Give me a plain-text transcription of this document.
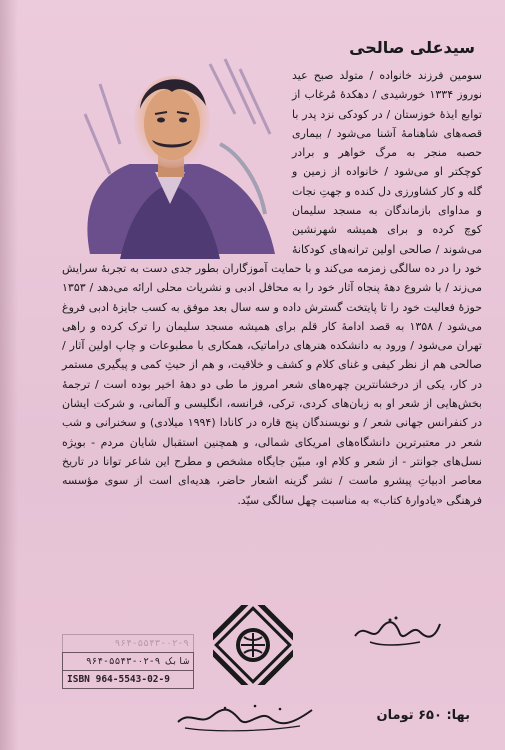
سیدعلی صالحی

سومین فرزند خانواده / متولد صبح عید نوروز ۱۳۳۴ خورشیدی / دهکدهٔ مُرغاب از توابع ایذهٔ خوزستان / در کودکی نزد پدر با قصه‌های شاهنامهٔ آشنا می‌شود / بیماری حصبه منجر به مرگ خواهر و برادر کوچکتر او می‌شود / خانواده از زمین و گله و کار کشاورزی دل کنده و جهتِ نجات و مداوای بازماندگان به مسجد سلیمان کوچ کرده و برای همیشه شهرنشین می‌شوند / صالحی اولین ترانه‌های کودکانهٔ خود را در ده سالگی زمزمه می‌کند و با حمایت آموزگاران بطور جدی دست به تجربهٔ سرایش می‌زند / با شروع دههٔ پنجاه آثار خود را به محافل ادبی و نشریات محلی ارائه می‌دهد / ۱۳۵۳ حوزهٔ فعالیت خود را تا پایتخت گسترش داده و سه سال بعد موفق به کسب جایزهٔ ادبی فروغ می‌شود / ۱۳۵۸ به قصد ادامهٔ کار قلم برای همیشه مسجد سلیمان را ترک کرده و راهی تهران می‌شود / ورود به دانشکده هنرهای دراماتیک، همکاری با مطبوعات و چاپ اولین آثار / صالحی هم از نظر کیفی و غنای کلام و کشف و خلاقیت، و هم از حیثِ کمی و پیگیری مستمر در کار، یکی از درخشانترین چهره‌های شعر امروز ما طی دو دههٔ اخیر بوده است / ترجمهٔ بخش‌هایی از شعر او به زبان‌های کردی، ترکی، فرانسه، انگلیسی و آلمانی، و شرکت ایشان در کنفرانس جهانی شعر / و نویسندگان پنج قاره در کانادا (۱۹۹۴ میلادی) و سخنرانی و شب شعر در معتبرترین دانشگاه‌های امریکای شمالی، و همچنین استقبال شایان مردم - بویژه نسل‌های جوانتر - از شعر و کلام او، مبیّن جایگاه مشخص و مطرح این شاعر توانا در تاریخ معاصر ادبیاتِ پیشرو ماست / نشر گزینه اشعار حاضر، هدیه‌ای است از سوی مؤسسه فرهنگی «یادوارهٔ کتاب» به مناسبت چهل سالگی سیّد.

۹۶۴-۵۵۴۳-۰۲-۹
شابک ۹-۰۲-۵۵۴۳-۹۶۴
ISBN 964-5543-02-9
بها: ۶۵۰ تومان
